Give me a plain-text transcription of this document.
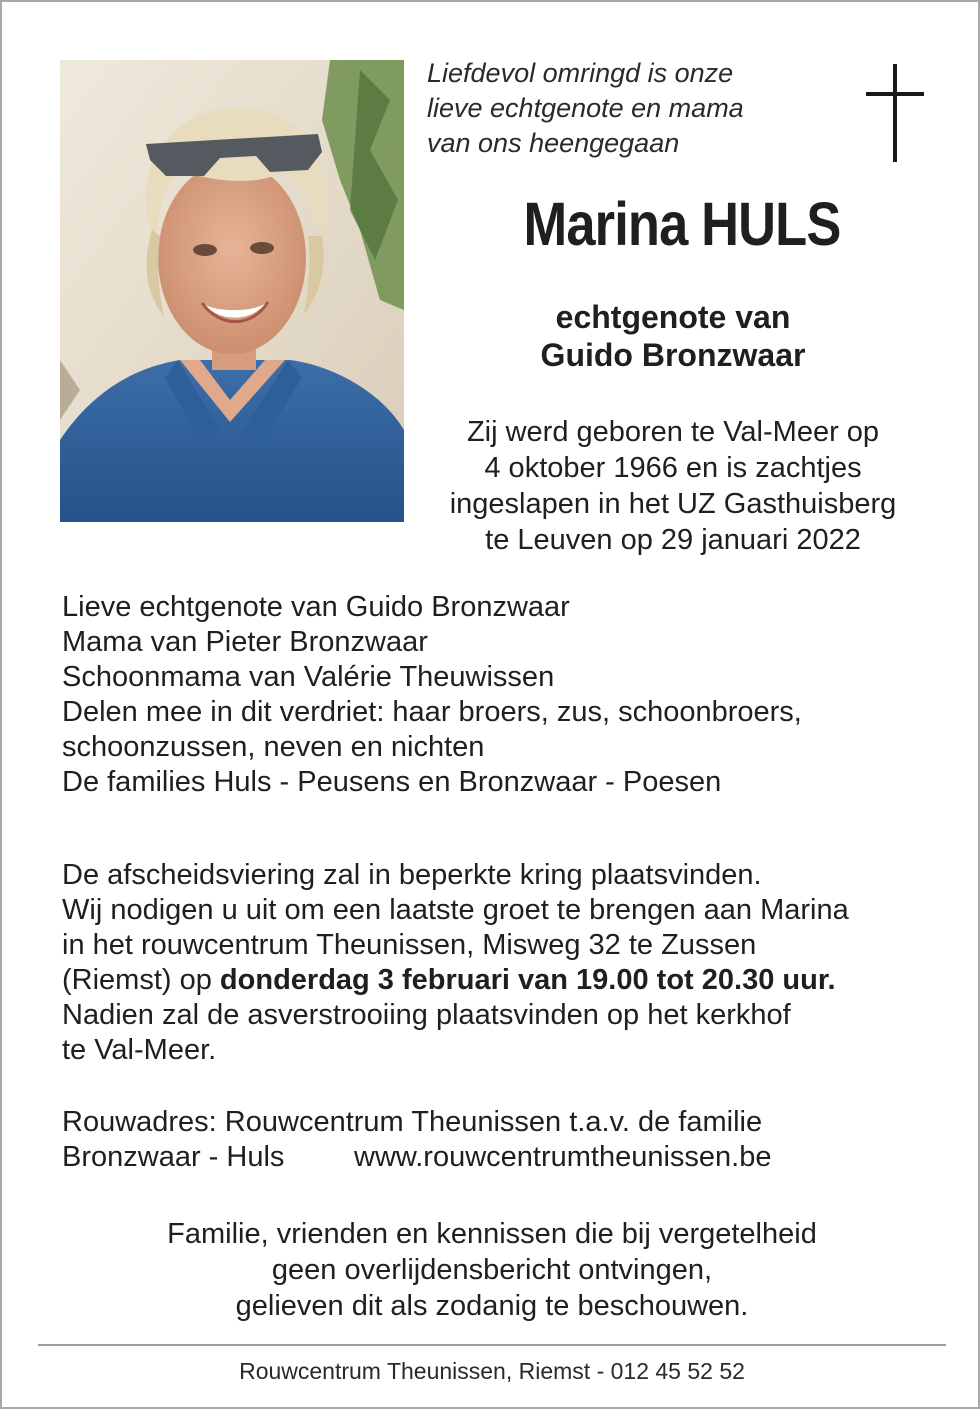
Liefdevol omringd is onze
lieve echtgenote en mama
van ons heengegaan
Marina HULS
echtgenote van
Guido Bronzwaar
Zij werd geboren te Val-Meer op
4 oktober 1966 en is zachtjes
ingeslapen in het UZ Gasthuisberg
te Leuven op 29 januari 2022
Lieve echtgenote van Guido Bronzwaar
Mama van Pieter Bronzwaar
Schoonmama van Valérie Theuwissen
Delen mee in dit verdriet: haar broers, zus, schoonbroers,
schoonzussen, neven en nichten
De families Huls - Peusens en Bronzwaar - Poesen
De afscheidsviering zal in beperkte kring plaatsvinden.
Wij nodigen u uit om een laatste groet te brengen aan Marina
in het rouwcentrum Theunissen, Misweg 32 te Zussen
(Riemst) op donderdag 3 februari van 19.00 tot 20.30 uur.
Nadien zal de asverstrooiing plaatsvinden op het kerkhof
te Val-Meer.
Rouwadres: Rouwcentrum Theunissen t.a.v. de familie
Bronzwaar - Huls	www.rouwcentrumtheunissen.be
Familie, vrienden en kennissen die bij vergetelheid
geen overlijdensbericht ontvingen,
gelieven dit als zodanig te beschouwen.
Rouwcentrum Theunissen, Riemst - 012 45 52 52
